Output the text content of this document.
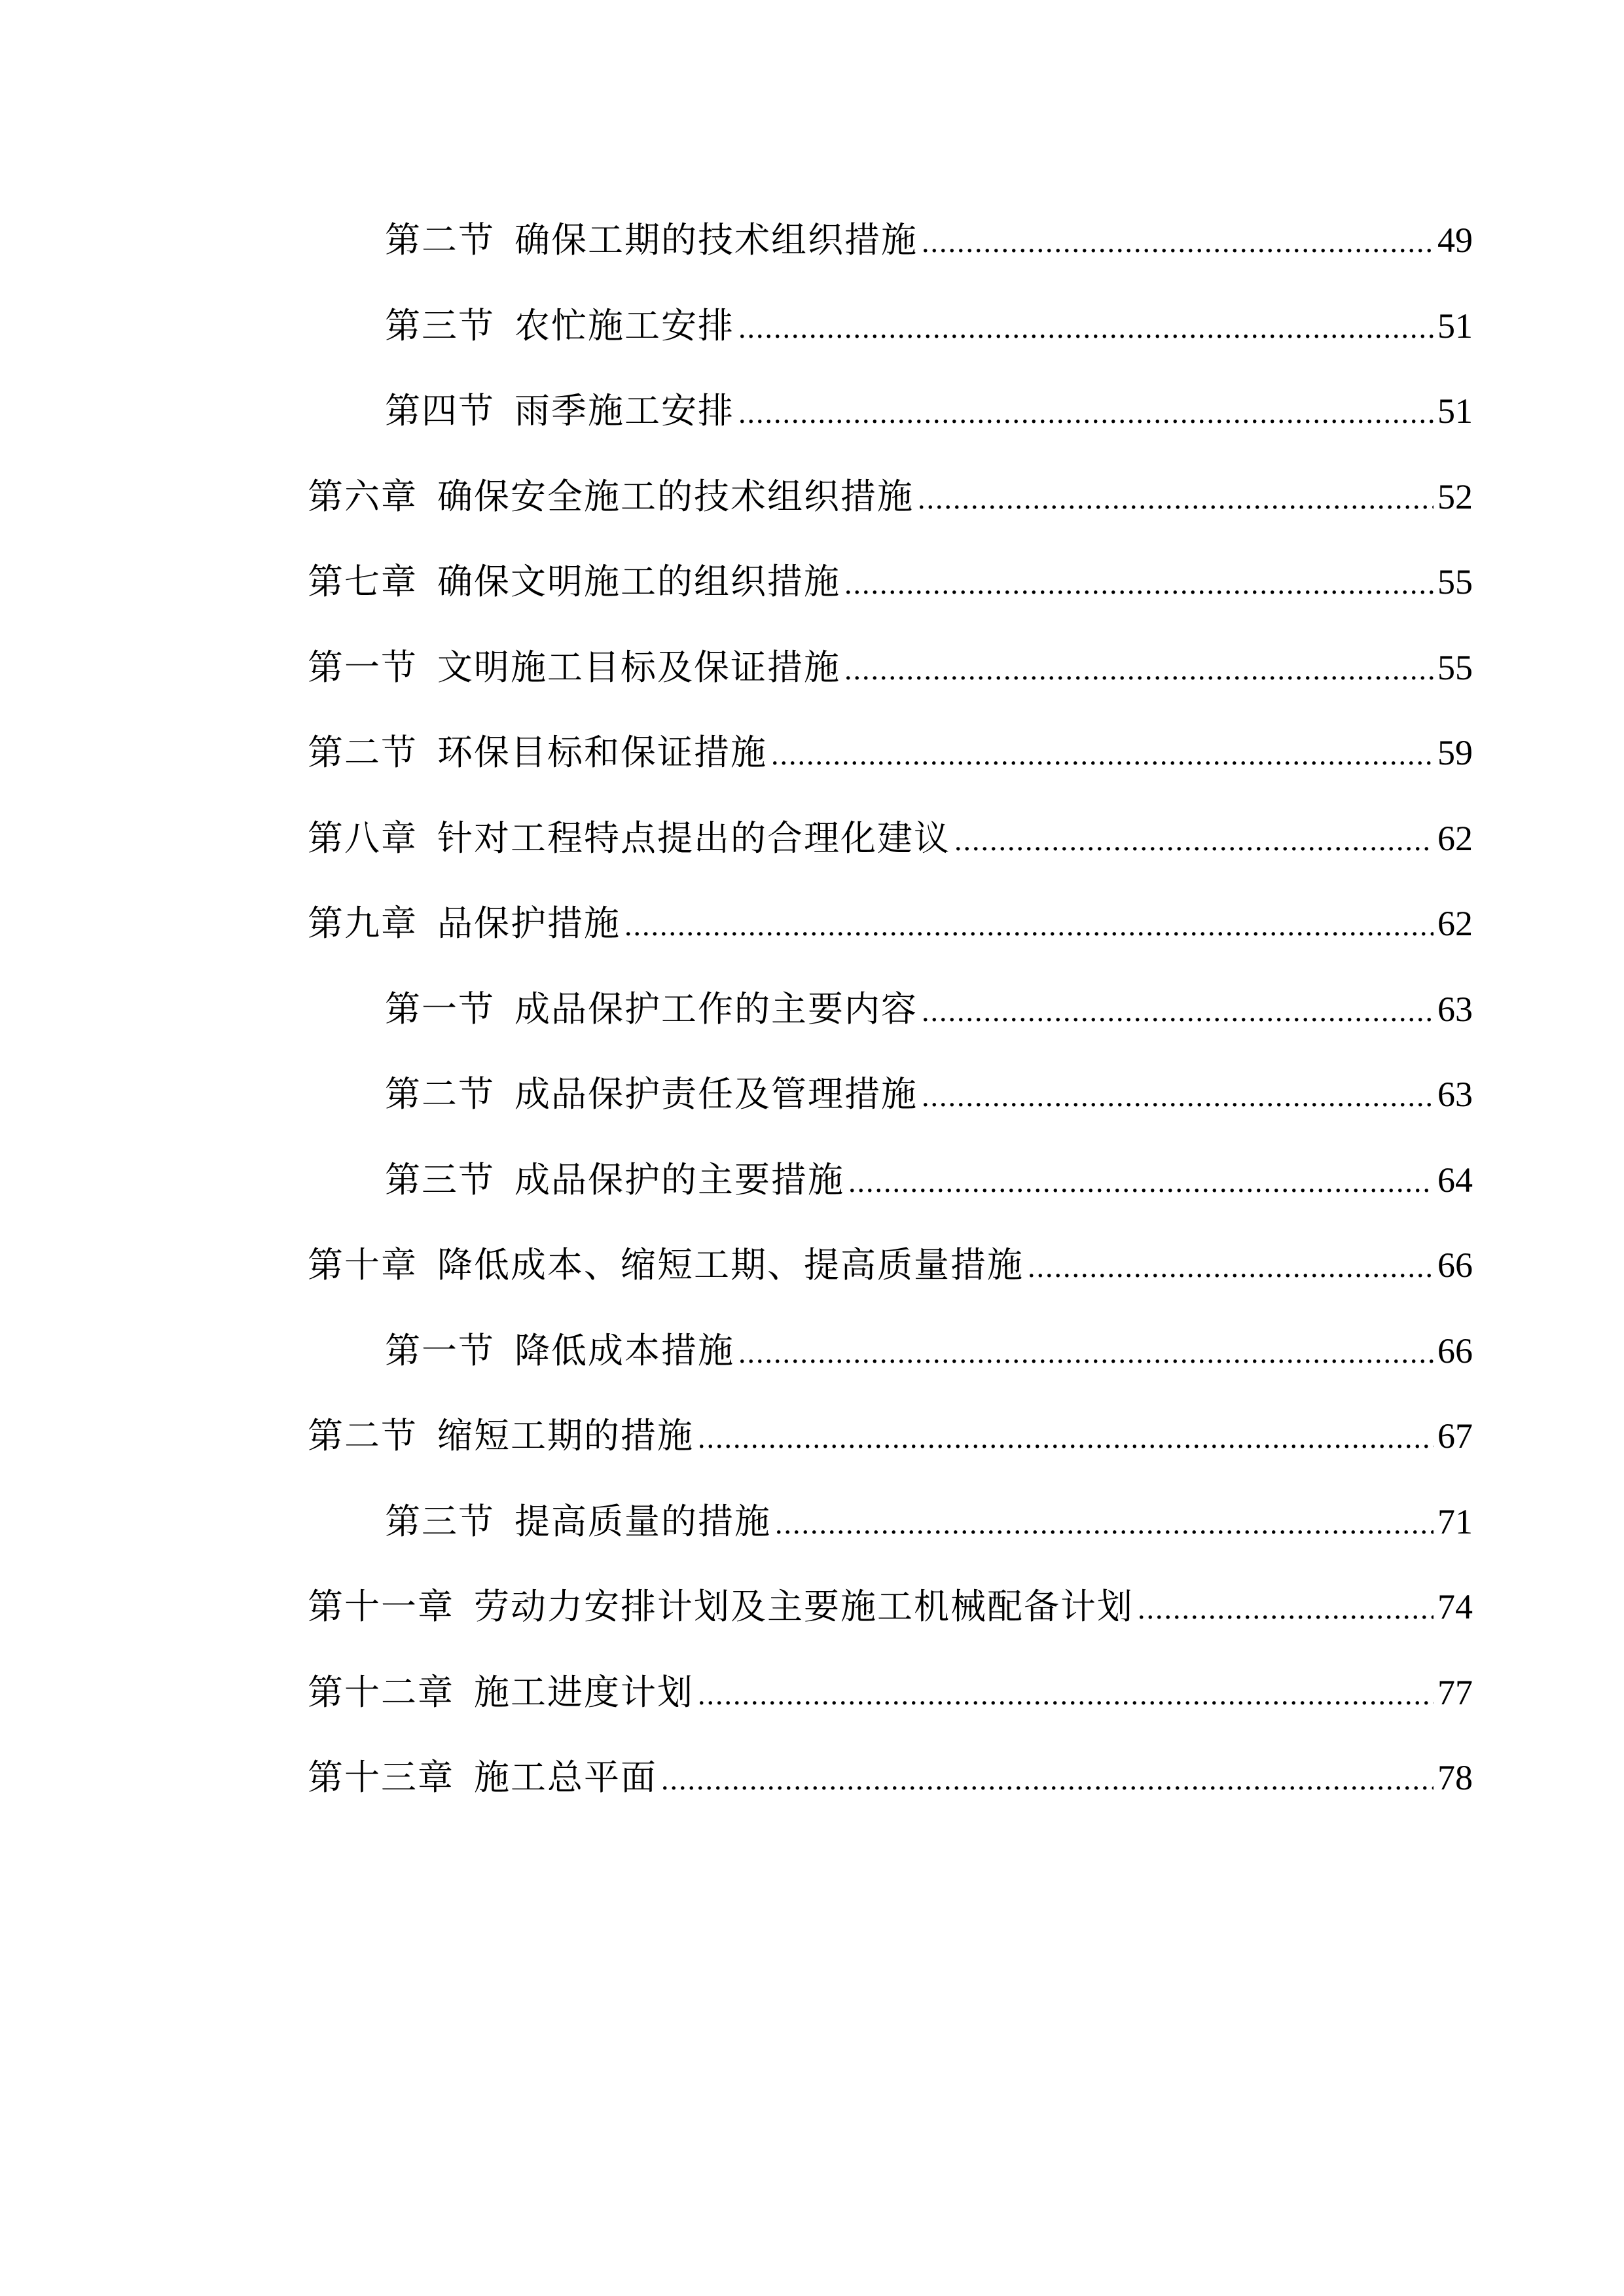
第二节 确保工期的技术组织措施 .....	49
第三节 农忙施工安排 .....	51
第四节 雨季施工安排 .....	51
第六章 确保安全施工的技术组织措施 .....	52
第七章 确保文明施工的组织措施 .....	55
第一节 文明施工目标及保证措施 .....	55
第二节 环保目标和保证措施 .....	59
第八章 针对工程特点提出的合理化建议 .....	62
第九章 品保护措施 .....	62
第一节 成品保护工作的主要内容 .....	63
第二节 成品保护责任及管理措施 .....	63
第三节 成品保护的主要措施 .....	64
第十章 降低成本、缩短工期、提高质量措施 .....	66
第一节 降低成本措施 .....	66
第二节 缩短工期的措施 .....	67
第三节 提高质量的措施 .....	71
第十一章 劳动力安排计划及主要施工机械配备计划 .....	74
第十二章 施工进度计划 .....	77
第十三章 施工总平面 .....	78
